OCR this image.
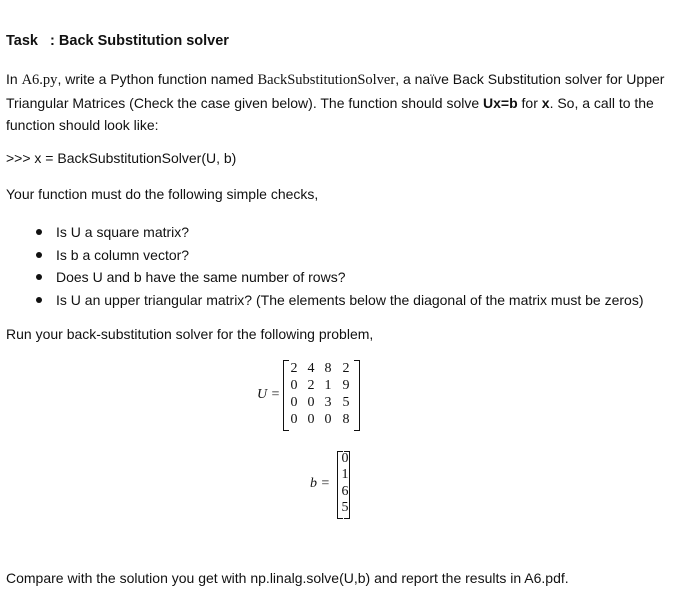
Task   : Back Substitution solver
In A6.py, write a Python function named BackSubstitutionSolver, a naïve Back Substitution solver for Upper Triangular Matrices (Check the case given below). The function should solve Ux=b for x. So, a call to the function should look like:
>>> x = BackSubstitutionSolver(U, b)
Your function must do the following simple checks,
Is U a square matrix?
Is b a column vector?
Does U and b have the same number of rows?
Is U an upper triangular matrix? (The elements below the diagonal of the matrix must be zeros)
Run your back-substitution solver for the following problem,
U =
2 4 8 2
0 2 1 9
0 0 3 5
0 0 0 8
b =
0
1
6
5
Compare with the solution you get with np.linalg.solve(U,b) and report the results in A6.pdf.
